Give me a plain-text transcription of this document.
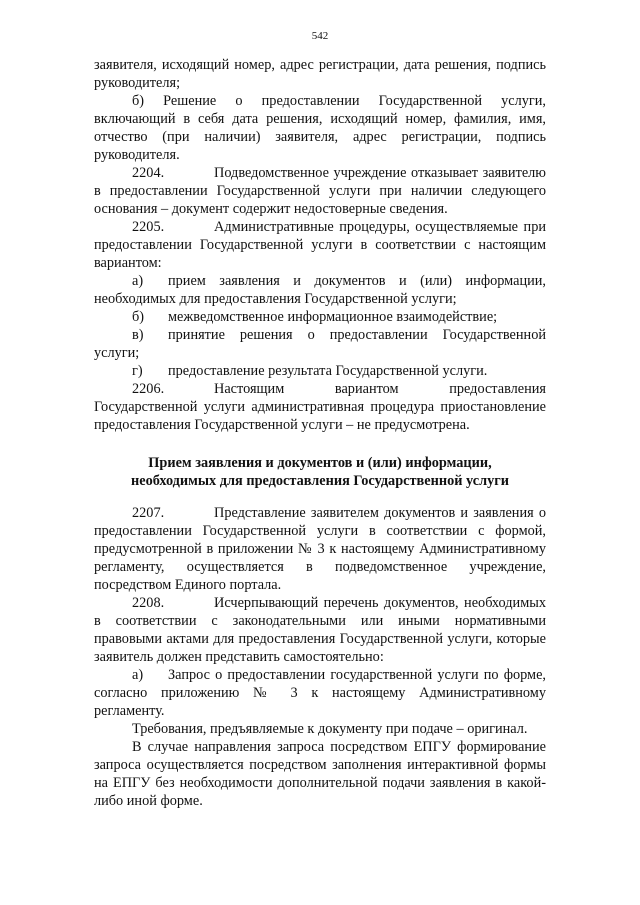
542

заявителя, исходящий номер, адрес регистрации, дата решения, подпись руководителя;

б) Решение о предоставлении Государственной услуги, включающий в себя дата решения, исходящий номер, фамилия, имя, отчество (при наличии) заявителя, адрес регистрации, подпись руководителя.

2204.	Подведомственное учреждение отказывает заявителю в предоставлении Государственной услуги при наличии следующего основания – документ содержит недостоверные сведения.

2205.	Административные процедуры, осуществляемые при предоставлении Государственной услуги в соответствии с настоящим вариантом:

а) прием заявления и документов и (или) информации, необходимых для предоставления Государственной услуги;

б) межведомственное информационное взаимодействие;

в) принятие решения о предоставлении Государственной услуги;

г) предоставление результата Государственной услуги.

2206.	Настоящим вариантом предоставления Государственной услуги административная процедура приостановление предоставления Государственной услуги – не предусмотрена.

Прием заявления и документов и (или) информации,
необходимых для предоставления Государственной услуги

2207.	Представление заявителем документов и заявления о предоставлении Государственной услуги в соответствии с формой, предусмотренной в приложении № 3 к настоящему Административному регламенту, осуществляется в подведомственное учреждение, посредством Единого портала.

2208.	Исчерпывающий перечень документов, необходимых в соответствии с законодательными или иными нормативными правовыми актами для предоставления Государственной услуги, которые заявитель должен представить самостоятельно:

а) Запрос о предоставлении государственной услуги по форме, согласно приложению № 3 к настоящему Административному регламенту.

Требования, предъявляемые к документу при подаче – оригинал.

В случае направления запроса посредством ЕПГУ формирование запроса осуществляется посредством заполнения интерактивной формы на ЕПГУ без необходимости дополнительной подачи заявления в какой-либо иной форме.
